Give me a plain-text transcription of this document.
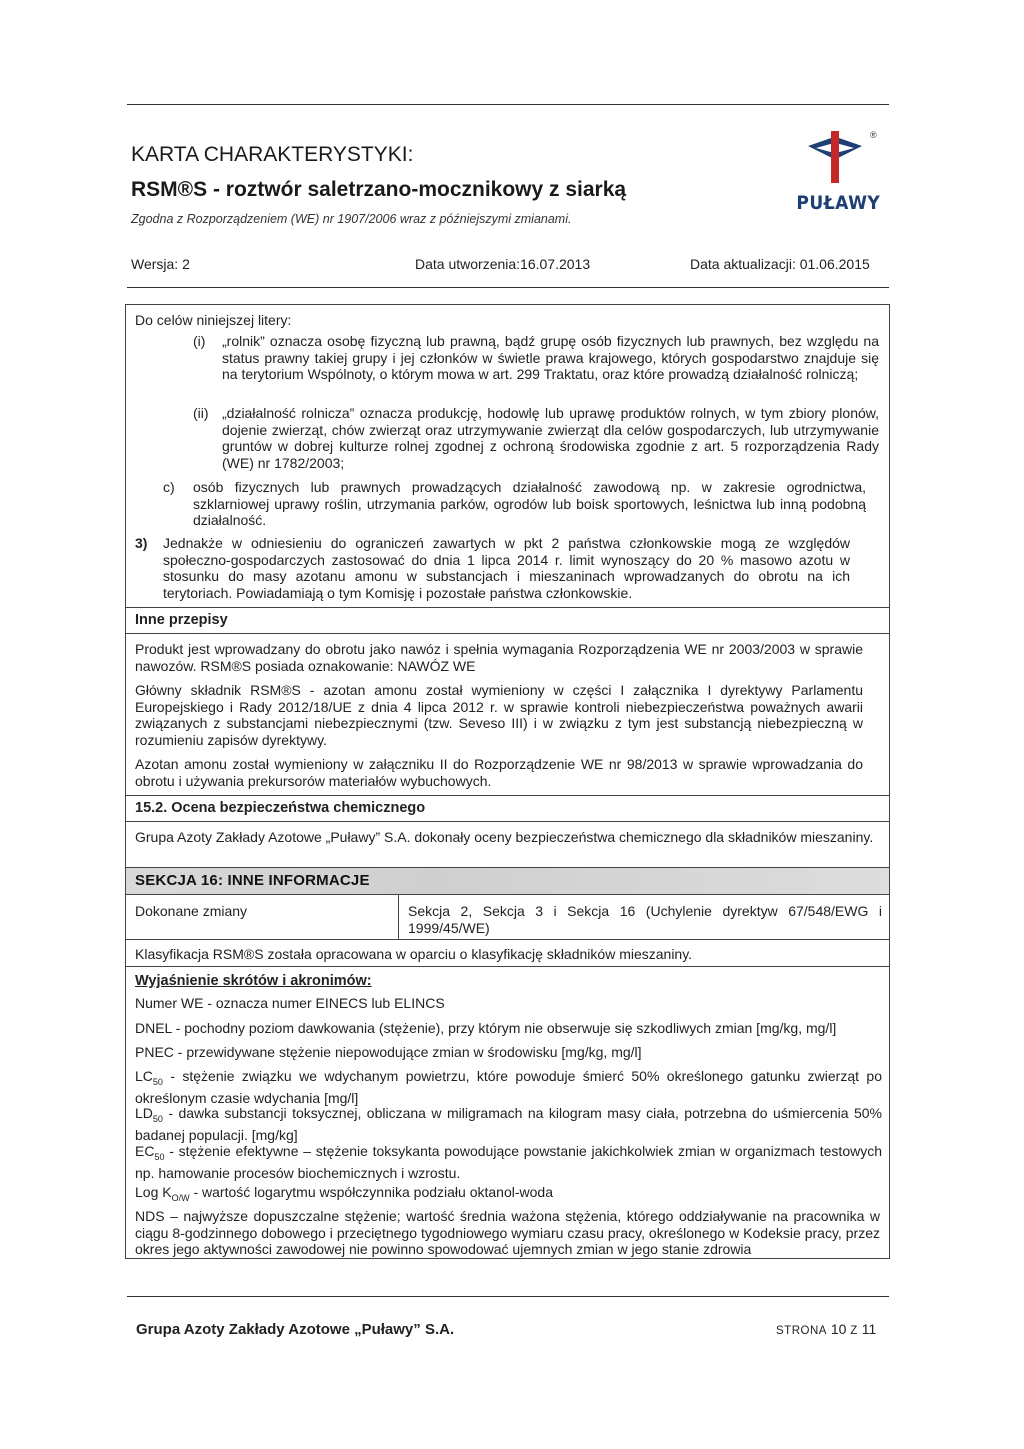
KARTA CHARAKTERYSTYKI:
RSM®S - roztwór saletrzano-mocznikowy z siarką
Zgodna z Rozporządzeniem (WE) nr 1907/2006 wraz z późniejszymi zmianami.
®
PUŁAWY
Wersja: 2	Data utworzenia:16.07.2013	Data aktualizacji: 01.06.2015
Do celów niniejszej litery:
(i) „rolnik” oznacza osobę fizyczną lub prawną, bądź grupę osób fizycznych lub prawnych, bez względu na status prawny takiej grupy i jej członków w świetle prawa krajowego, których gospodarstwo znajduje się na terytorium Wspólnoty, o którym mowa w art. 299 Traktatu, oraz które prowadzą działalność rolniczą;
(ii) „działalność rolnicza” oznacza produkcję, hodowlę lub uprawę produktów rolnych, w tym zbiory plonów, dojenie zwierząt, chów zwierząt oraz utrzymywanie zwierząt dla celów gospodarczych, lub utrzymywanie gruntów w dobrej kulturze rolnej zgodnej z ochroną środowiska zgodnie z art. 5 rozporządzenia Rady (WE) nr 1782/2003;
c) osób fizycznych lub prawnych prowadzących działalność zawodową np. w zakresie ogrodnictwa, szklarniowej uprawy roślin, utrzymania parków, ogrodów lub boisk sportowych, leśnictwa lub inną podobną działalność.
3) Jednakże w odniesieniu do ograniczeń zawartych w pkt 2 państwa członkowskie mogą ze względów społeczno-gospodarczych zastosować do dnia 1 lipca 2014 r. limit wynoszący do 20 % masowo azotu w stosunku do masy azotanu amonu w substancjach i mieszaninach wprowadzanych do obrotu na ich terytoriach. Powiadamiają o tym Komisję i pozostałe państwa członkowskie.
Inne przepisy
Produkt jest wprowadzany do obrotu jako nawóz i spełnia wymagania Rozporządzenia WE nr 2003/2003 w sprawie nawozów. RSM®S posiada oznakowanie: NAWÓZ WE
Główny składnik RSM®S - azotan amonu został wymieniony w części I załącznika I dyrektywy Parlamentu Europejskiego i Rady 2012/18/UE z dnia 4 lipca 2012 r. w sprawie kontroli niebezpieczeństwa poważnych awarii związanych z substancjami niebezpiecznymi (tzw. Seveso III) i w związku z tym jest substancją niebezpieczną w rozumieniu zapisów dyrektywy.
Azotan amonu został wymieniony w załączniku II do Rozporządzenie WE nr 98/2013 w sprawie wprowadzania do obrotu i używania prekursorów materiałów wybuchowych.
15.2. Ocena bezpieczeństwa chemicznego
Grupa Azoty Zakłady Azotowe „Puławy” S.A. dokonały oceny bezpieczeństwa chemicznego dla składników mieszaniny.
SEKCJA 16: INNE INFORMACJE
Dokonane zmiany	Sekcja 2, Sekcja 3 i Sekcja 16 (Uchylenie dyrektyw 67/548/EWG i 1999/45/WE)
Klasyfikacja RSM®S została opracowana w oparciu o klasyfikację składników mieszaniny.
Wyjaśnienie skrótów i akronimów:
Numer WE - oznacza numer EINECS lub ELINCS
DNEL - pochodny poziom dawkowania (stężenie), przy którym nie obserwuje się szkodliwych zmian [mg/kg, mg/l]
PNEC - przewidywane stężenie niepowodujące zmian w środowisku [mg/kg, mg/l]
$LC_{50}$ - stężenie związku we wdychanym powietrzu, które powoduje śmierć 50% określonego gatunku zwierząt po określonym czasie wdychania [mg/l]
$LD_{50}$ - dawka substancji toksycznej, obliczana w miligramach na kilogram masy ciała, potrzebna do uśmiercenia 50% badanej populacji. [mg/kg]
$EC_{50}$ - stężenie efektywne – stężenie toksykanta powodujące powstanie jakichkolwiek zmian w organizmach testowych np. hamowanie procesów biochemicznych i wzrostu.
Log $K_{O/W}$ - wartość logarytmu współczynnika podziału oktanol-woda
NDS – najwyższe dopuszczalne stężenie; wartość średnia ważona stężenia, którego oddziaływanie na pracownika w ciągu 8-godzinnego dobowego i przeciętnego tygodniowego wymiaru czasu pracy, określonego w Kodeksie pracy, przez okres jego aktywności zawodowej nie powinno spowodować ujemnych zmian w jego stanie zdrowia
Grupa Azoty Zakłady Azotowe „Puławy” S.A.	STRONA 10 Z 11
